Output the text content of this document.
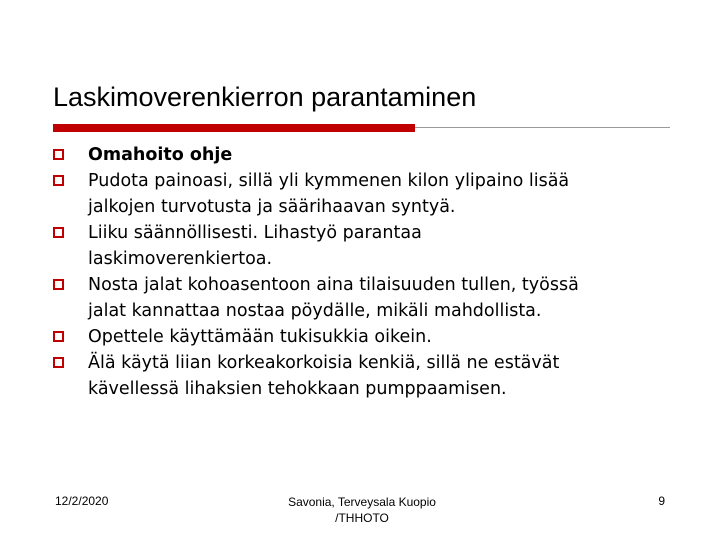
Laskimoverenkierron parantaminen
Omahoito ohje
Pudota painoasi, sillä yli kymmenen kilon ylipaino lisää
jalkojen turvotusta ja säärihaavan syntyä.
Liiku säännöllisesti. Lihastyö parantaa
laskimoverenkiertoa.
Nosta jalat kohoasentoon aina tilaisuuden tullen, työssä
jalat kannattaa nostaa pöydälle, mikäli mahdollista.
Opettele käyttämään tukisukkia oikein.
Älä käytä liian korkeakorkoisia kenkiä, sillä ne estävät
kävellessä lihaksien tehokkaan pumppaamisen.
12/2/2020	Savonia, Terveysala Kuopio
/THHOTO
9
